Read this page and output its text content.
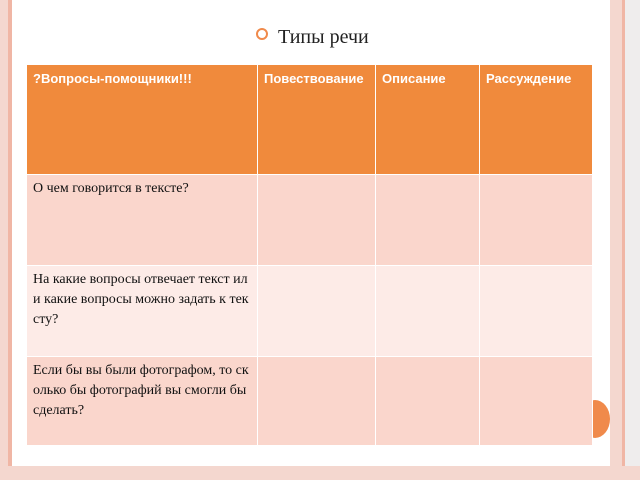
Типы речи
?Вопросы-помощники!!!	Повествование	Описание	Рассуждение
О чем говорится в тексте?			
На какие вопросы отвечает текст или какие вопросы можно задать к тексту?			
Если бы вы были фотографом, то сколько бы фотографий вы смогли бы сделать?			
